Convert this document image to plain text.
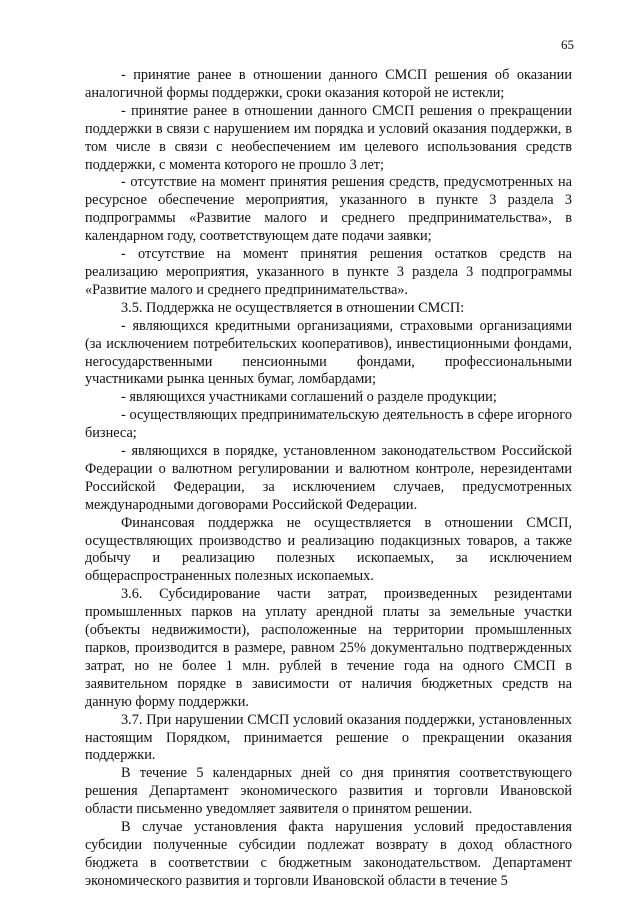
65

- принятие ранее в отношении данного СМСП решения об оказании аналогичной формы поддержки, сроки оказания которой не истекли;

- принятие ранее в отношении данного СМСП решения о прекращении поддержки в связи с нарушением им порядка и условий оказания поддержки, в том числе в связи с необеспечением им целевого использования средств поддержки, с момента которого не прошло 3 лет;

- отсутствие на момент принятия решения средств, предусмотренных на ресурсное обеспечение мероприятия, указанного в пункте 3 раздела 3 подпрограммы «Развитие малого и среднего предпринимательства», в календарном году, соответствующем дате подачи заявки;

- отсутствие на момент принятия решения остатков средств на реализацию мероприятия, указанного в пункте 3 раздела 3 подпрограммы «Развитие малого и среднего предпринимательства».

3.5. Поддержка не осуществляется в отношении СМСП:

- являющихся кредитными организациями, страховыми организациями (за исключением потребительских кооперативов), инвестиционными фондами, негосударственными пенсионными фондами, профессиональными участниками рынка ценных бумаг, ломбардами;

- являющихся участниками соглашений о разделе продукции;

- осуществляющих предпринимательскую деятельность в сфере игорного бизнеса;

- являющихся в порядке, установленном законодательством Российской Федерации о валютном регулировании и валютном контроле, нерезидентами Российской Федерации, за исключением случаев, предусмотренных международными договорами Российской Федерации.

Финансовая поддержка не осуществляется в отношении СМСП, осуществляющих производство и реализацию подакцизных товаров, а также добычу и реализацию полезных ископаемых, за исключением общераспространенных полезных ископаемых.

3.6. Субсидирование части затрат, произведенных резидентами промышленных парков на уплату арендной платы за земельные участки (объекты недвижимости), расположенные на территории промышленных парков, производится в размере, равном 25% документально подтвержденных затрат, но не более 1 млн. рублей в течение года на одного СМСП в заявительном порядке в зависимости от наличия бюджетных средств на данную форму поддержки.

3.7. При нарушении СМСП условий оказания поддержки, установленных настоящим Порядком, принимается решение о прекращении оказания поддержки.

В течение 5 календарных дней со дня принятия соответствующего решения Департамент экономического развития и торговли Ивановской области письменно уведомляет заявителя о принятом решении.

В случае установления факта нарушения условий предоставления субсидии полученные субсидии подлежат возврату в доход областного бюджета в соответствии с бюджетным законодательством. Департамент экономического развития и торговли Ивановской области в течение 5
